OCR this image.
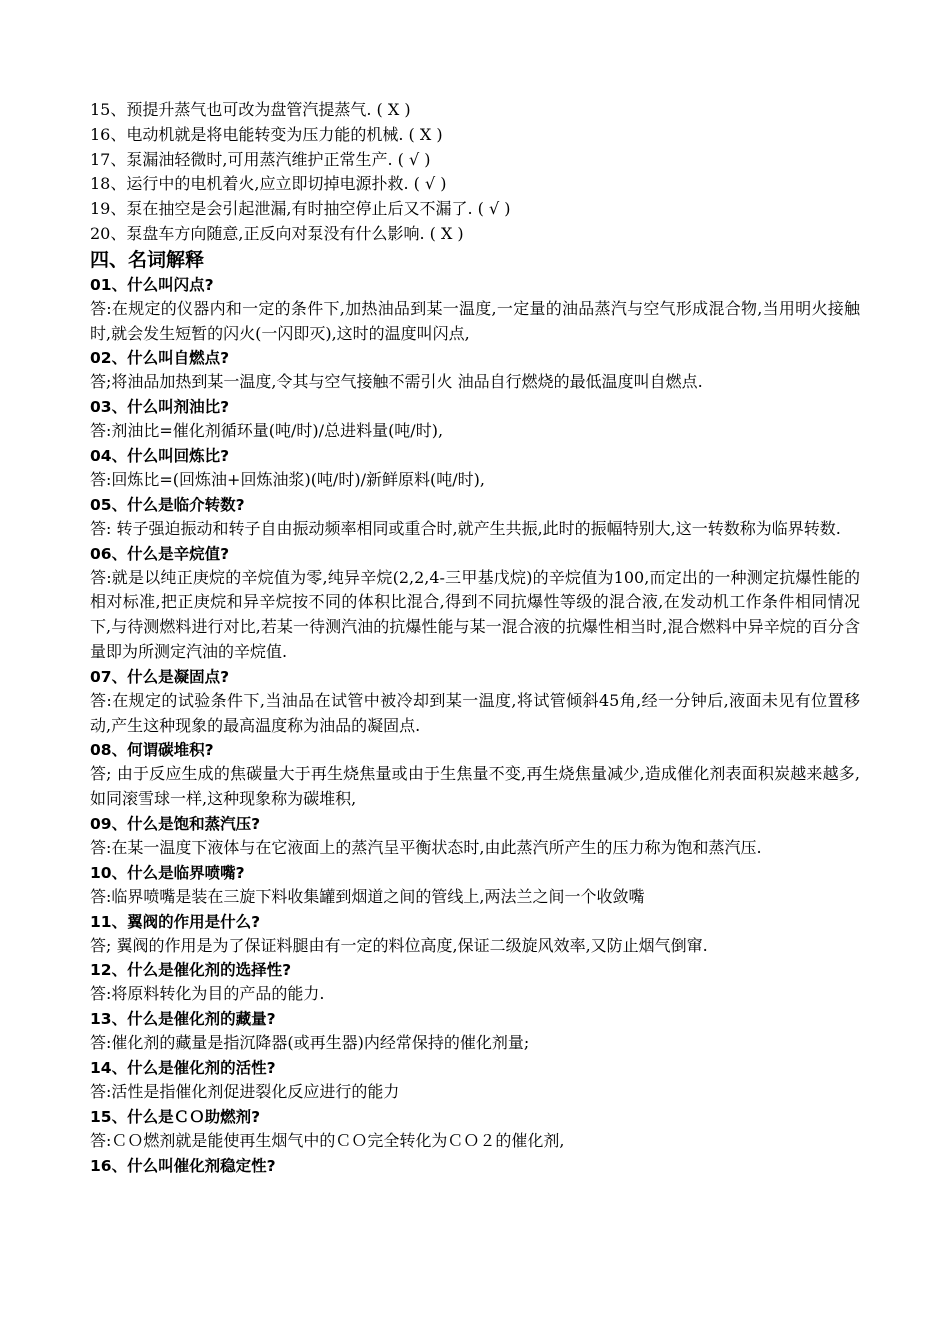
15、预提升蒸气也可改为盘管汽提蒸气. ( X )
16、电动机就是将电能转变为压力能的机械. ( X )
17、泵漏油轻微时,可用蒸汽维护正常生产. ( √ )
18、运行中的电机着火,应立即切掉电源扑救. ( √ )
19、泵在抽空是会引起泄漏,有时抽空停止后又不漏了. ( √ )
20、泵盘车方向随意,正反向对泵没有什么影响. ( X )
四、名词解释
01、什么叫闪点?
答:在规定的仪器内和一定的条件下,加热油品到某一温度,一定量的油品蒸汽与空气形成混合物,当用明火接触时,就会发生短暂的闪火(一闪即灭),这时的温度叫闪点,
02、什么叫自燃点?
答;将油品加热到某一温度,令其与空气接触不需引火 油品自行燃烧的最低温度叫自燃点.
03、什么叫剂油比?
答:剂油比=催化剂循环量(吨/时)/总进料量(吨/时),
04、什么叫回炼比?
答:回炼比=(回炼油+回炼油浆)(吨/时)/新鲜原料(吨/时),
05、什么是临介转数?
答: 转子强迫振动和转子自由振动频率相同或重合时,就产生共振,此时的振幅特别大,这一转数称为临界转数.
06、什么是辛烷值?
答:就是以纯正庚烷的辛烷值为零,纯异辛烷(2,2,4-三甲基戊烷)的辛烷值为100,而定出的一种测定抗爆性能的相对标准,把正庚烷和异辛烷按不同的体积比混合,得到不同抗爆性等级的混合液,在发动机工作条件相同情况下,与待测燃料进行对比,若某一待测汽油的抗爆性能与某一混合液的抗爆性相当时,混合燃料中异辛烷的百分含量即为所测定汽油的辛烷值.
07、什么是凝固点?
答:在规定的试验条件下,当油品在试管中被冷却到某一温度,将试管倾斜45角,经一分钟后,液面未见有位置移动,产生这种现象的最高温度称为油品的凝固点.
08、何谓碳堆积?
答; 由于反应生成的焦碳量大于再生烧焦量或由于生焦量不变,再生烧焦量减少,造成催化剂表面积炭越来越多,如同滚雪球一样,这种现象称为碳堆积,
09、什么是饱和蒸汽压?
答:在某一温度下液体与在它液面上的蒸汽呈平衡状态时,由此蒸汽所产生的压力称为饱和蒸汽压.
10、什么是临界喷嘴?
答:临界喷嘴是装在三旋下料收集罐到烟道之间的管线上,两法兰之间一个收敛嘴
11、翼阀的作用是什么?
答; 翼阀的作用是为了保证料腿由有一定的料位高度,保证二级旋风效率,又防止烟气倒窜.
12、什么是催化剂的选择性?
答:将原料转化为目的产品的能力.
13、什么是催化剂的藏量?
答:催化剂的藏量是指沉降器(或再生器)内经常保持的催化剂量;
14、什么是催化剂的活性?
答:活性是指催化剂促进裂化反应进行的能力
15、什么是ＣＯ助燃剂?
答:ＣＯ燃剂就是能使再生烟气中的ＣＯ完全转化为ＣＯ２的催化剂,
16、什么叫催化剂稳定性?
